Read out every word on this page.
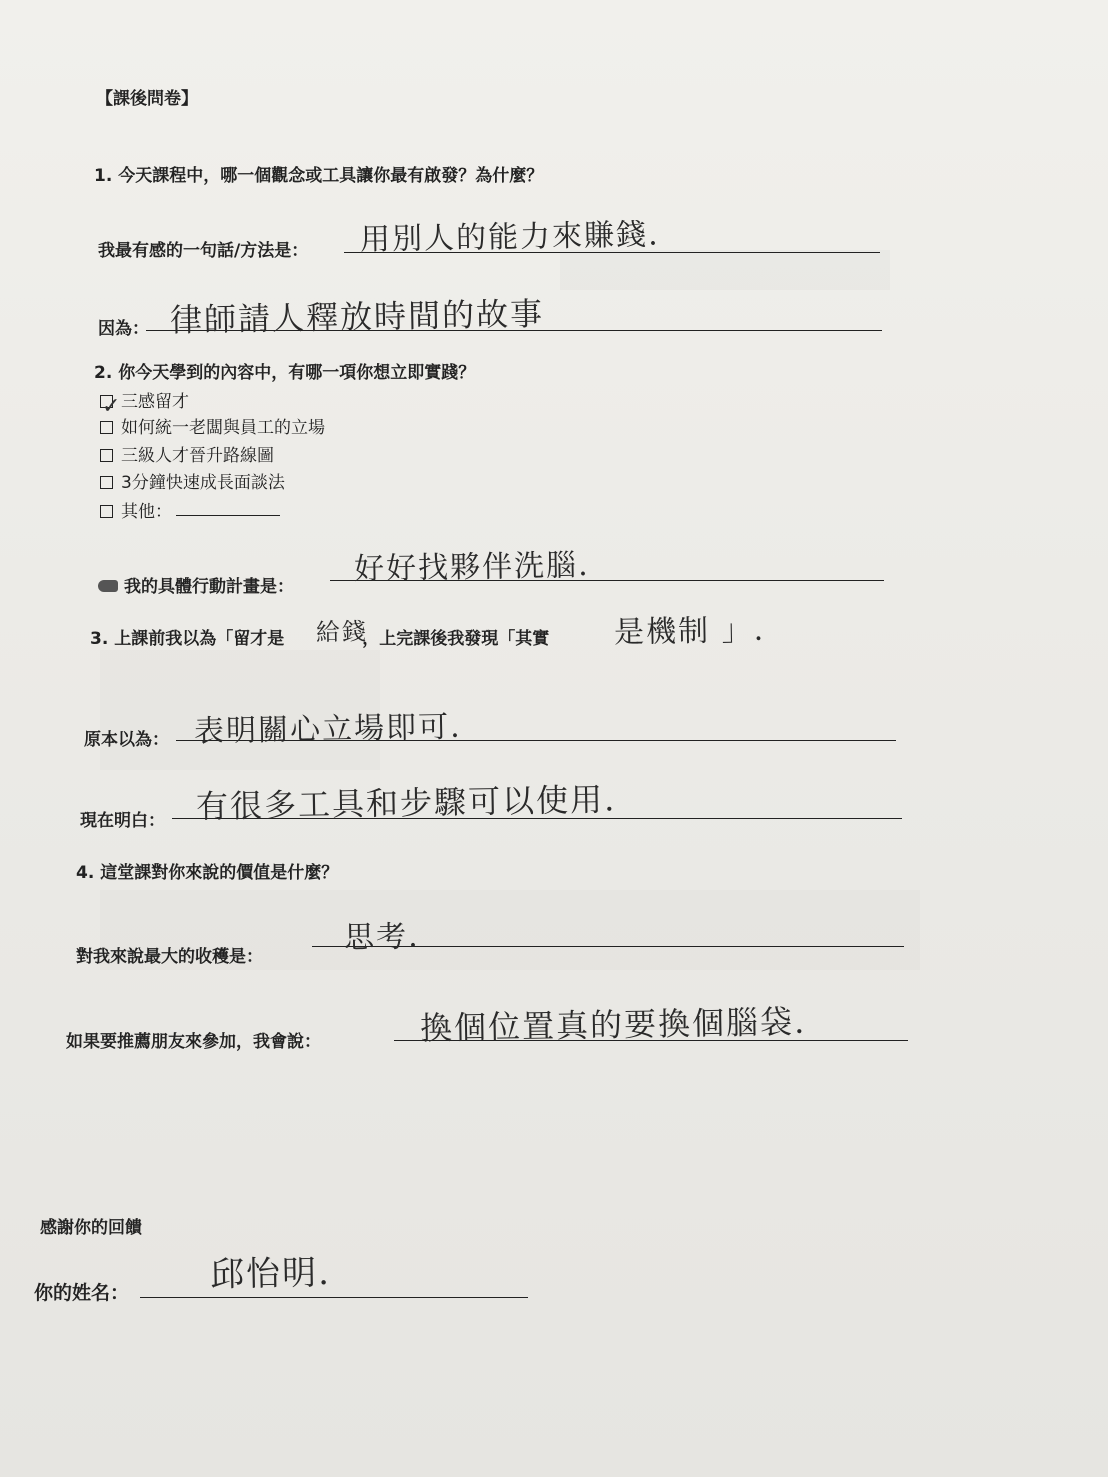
【課後問卷】
1. 今天課程中，哪一個觀念或工具讓你最有啟發？為什麼？
我最有感的一句話/方法是： 用別人的能力來賺錢.
因為： 律師請人釋放時間的故事
2. 你今天學到的內容中，有哪一項你想立即實踐？
三感留才
如何統一老闆與員工的立場
✓
三級人才晉升路線圖
3分鐘快速成長面談法
其他：
我的具體行動計畫是： 好好找夥伴洗腦.
3. 上課前我以為「留才是	，上完課後我發現「其實
給錢	是機制 」.
原本以為： 表明關心立場即可.
現在明白： 有很多工具和步驟可以使用.
4. 這堂課對你來說的價值是什麼？
對我來說最大的收穫是：
思考.
如果要推薦朋友來參加，我會說：	換個位置真的要換個腦袋.
感謝你的回饋
你的姓名： 邱怡明.
